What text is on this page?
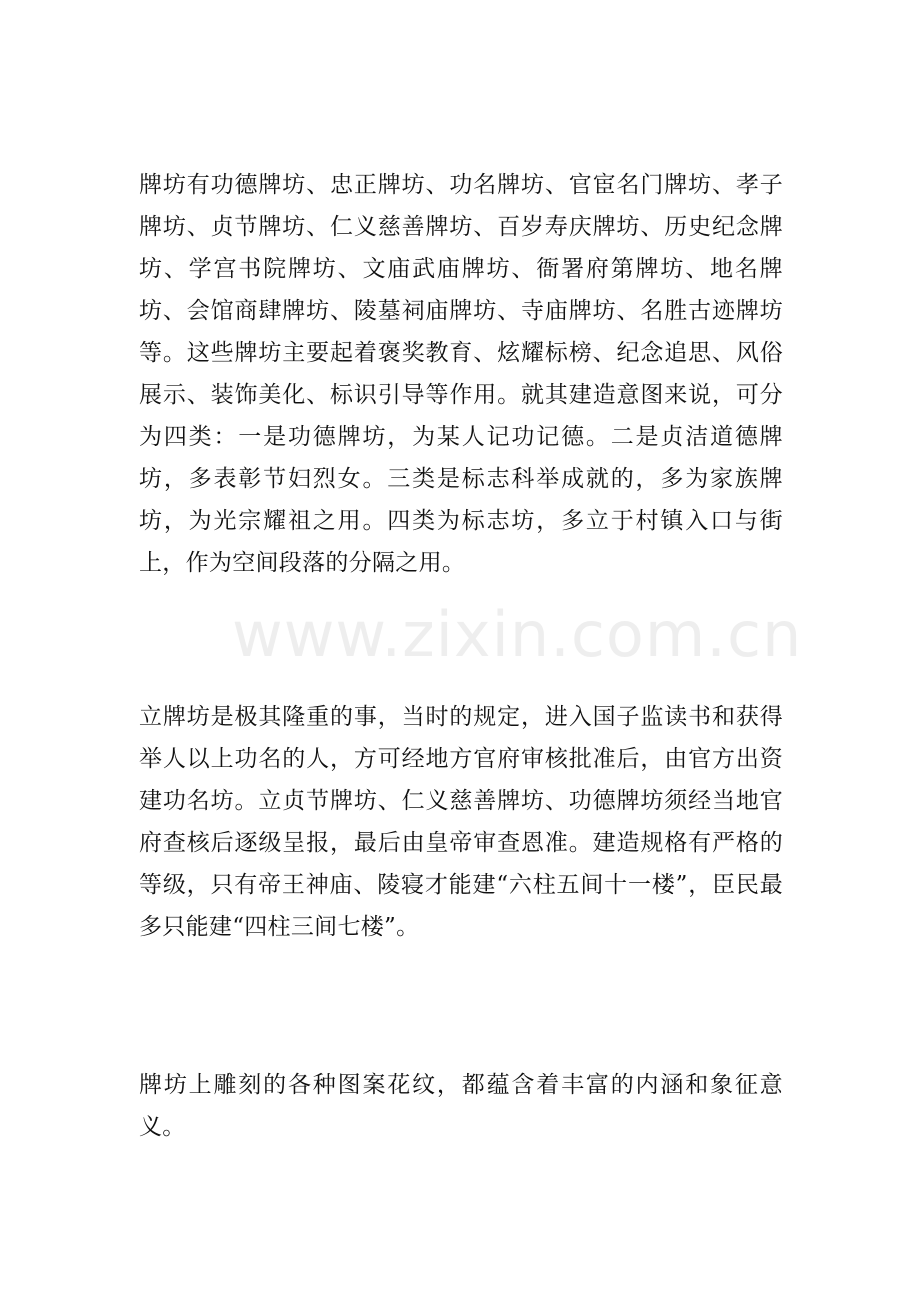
牌坊有功德牌坊、忠正牌坊、功名牌坊、官宦名门牌坊、孝子牌坊、贞节牌坊、仁义慈善牌坊、百岁寿庆牌坊、历史纪念牌坊、学宫书院牌坊、文庙武庙牌坊、衙署府第牌坊、地名牌坊、会馆商肆牌坊、陵墓祠庙牌坊、寺庙牌坊、名胜古迹牌坊等。这些牌坊主要起着褒奖教育、炫耀标榜、纪念追思、风俗展示、装饰美化、标识引导等作用。就其建造意图来说，可分为四类：一是功德牌坊，为某人记功记德。二是贞洁道德牌坊，多表彰节妇烈女。三类是标志科举成就的，多为家族牌坊，为光宗耀祖之用。四类为标志坊，多立于村镇入口与街上，作为空间段落的分隔之用。

www.zixin.com.cn

立牌坊是极其隆重的事，当时的规定，进入国子监读书和获得举人以上功名的人，方可经地方官府审核批准后，由官方出资建功名坊。立贞节牌坊、仁义慈善牌坊、功德牌坊须经当地官府查核后逐级呈报，最后由皇帝审查恩准。建造规格有严格的等级，只有帝王神庙、陵寝才能建“六柱五间十一楼”，臣民最多只能建“四柱三间七楼”。

牌坊上雕刻的各种图案花纹，都蕴含着丰富的内涵和象征意义。
